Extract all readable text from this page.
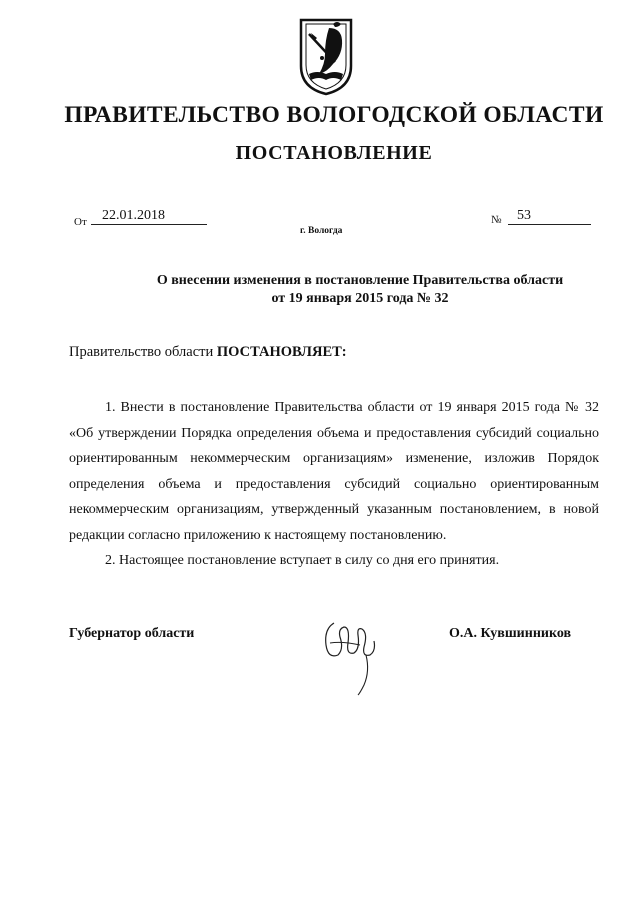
ПРАВИТЕЛЬСТВО ВОЛОГОДСКОЙ ОБЛАСТИ
ПОСТАНОВЛЕНИЕ
От	22.01.2018	№	53
г. Вологда
О внесении изменения в постановление Правительства области
от 19 января 2015 года № 32

Правительство области ПОСТАНОВЛЯЕТ:

1. Внести в постановление Правительства области от 19 января 2015 года № 32 «Об утверждении Порядка определения объема и предоставления субсидий социально ориентированным некоммерческим организациям» изменение, изложив Порядок определения объема и предоставления субсидий социально ориентированным некоммерческим организациям, утвержденный указанным постановлением, в новой редакции согласно приложению к настоящему постановлению.

2. Настоящее постановление вступает в силу со дня его принятия.

Губернатор области	О.А. Кувшинников
